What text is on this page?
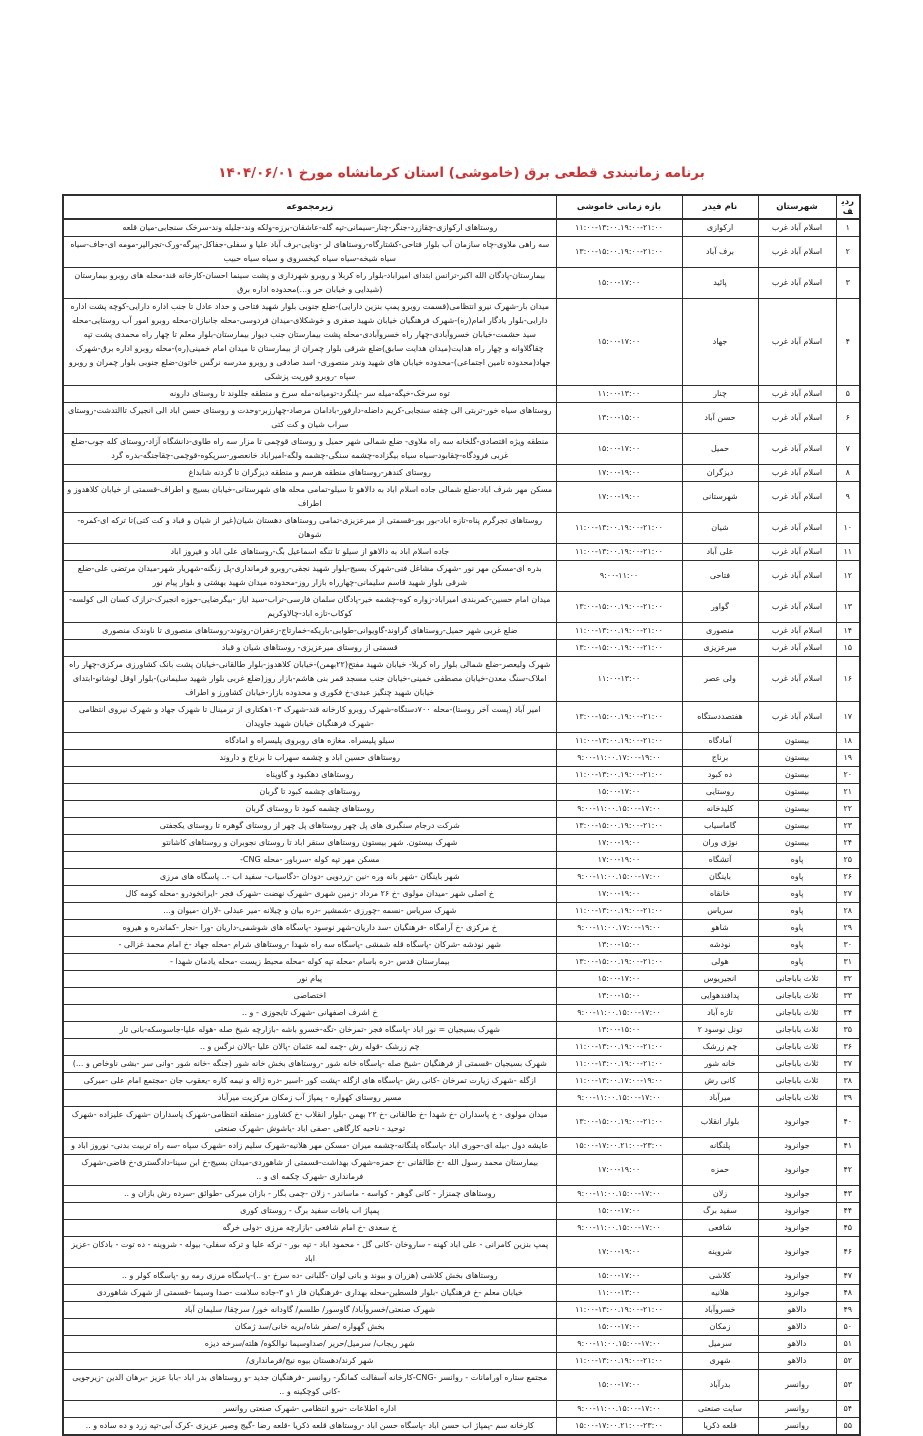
برنامه زمانبندی قطعی برق (خاموشی) استان کرمانشاه مورخ ۱۴۰۴/۰۶/۰۱
ردیف	شهرستان	نام فیدر	بازه زمانی خاموشی	زیرمجموعه
۱	اسلام آباد غرب	ارکوازی	۱۱:۰۰-۱۳:۰۰.۱۹:۰۰-۲۱:۰۰	روستاهای ارکوازی-چقازرد-جنگر-چنار-سیمانی-تپه گله-عاشقان-برزه-ولکه وند-جلیله وند-سرخک سنجابی-میان قلعه
۲	اسلام آباد غرب	برف آباد	۱۳:۰۰-۱۵:۰۰.۱۹:۰۰-۲۱:۰۰	سه راهی ملاوی-چاه سازمان آب بلوار فتاحی-کشتارگاه-روستاهای لر -ونایی-برف آباد علیا و سفلی-جفاکل-پیرگه-ورک-تجرالیر-مومه ای-جاف-سیاه سیاه شیخه-سیاه سیاه کیخسروی و سیاه سیاه حبیب
۳	اسلام آباد غرب	پائید	۱۵:۰۰-۱۷:۰۰	بیمارستان-پادگان الله اکبر-ترانس ابتدای امیراباد-بلوار راه کربلا و روبرو شهرداری و پشت سینما احسان-کارخانه قند-محله های روبرو بیمارستان (شیدایی و خیابان حر و...)محدوده اداره برق
۴	اسلام آباد غرب	جهاد	۱۵:۰۰-۱۷:۰۰	میدان بار-شهرک نیرو انتظامی(قسمت روبرو پمپ بنزین دارایی)-ضلع جنوبی بلوار شهید فتاحی و حداد عادل تا جنب اداره دارایی-کوچه پشت اداره دارایی-بلوار یادگار امام(ره)-شهرک فرهنگیان خیابان شهید صفری و خوشکلای-میدان فردوسی-محله جانبازان-محله روبرو امور آب روستایی-محله سید حشمت-خیابان خسروآبادی-چهار راه خسروآبادی-محله پشت بیمارستان جنب دیوار بیمارستان-بلوار معلم تا چهار راه محمدی پشت تپه چقاگلاوانه و چهار راه هدایت(میدان هدایت سابق)ضلع شرقی بلوار چمران از بیمارستان تا میدان امام خمینی(ره)-محله روبرو اداره برق-شهرک جهاد(محدوده تامین اجتماعی)-محدوده خیابان های شهید وندر منصوری- اسد صادقی و روبرو مدرسه نرگس خاتون-ضلع جنوبی بلوار چمران و روبرو سپاه -روبرو فوریت پزشکی
۵	اسلام آباد غرب	چنار	۱۱:۰۰-۱۳:۰۰	توه سرخک-خپگه-میله سر -پلنگرد-تومیانه-مله سرخ و منطقه جللوند تا روستای دارونه
۶	اسلام آباد غرب	حسن آباد	۱۳:۰۰-۱۵:۰۰	روستاهای سیاه خور-تربتی الی چفته سنجابی-کریم داضله-دارفور-بادامان مرصاد-چهارزبر-وحدت و روستای حسن اباد الی انجیرک تاالتدشت-روستای سراب شیان و کت کتی
۷	اسلام آباد غرب	حمیل	۱۵:۰۰-۱۷:۰۰	منطقه ویژه اقتصادی-گلخانه سه راه ملاوی- ضلع شمالی شهر حمیل و روستای قوچمی تا مزار سه راه طاوی-دانشگاه آزاد-روستای کله جوب-ضلع غربی فرودگاه-چقابود-سیاه سیاه بیگزاده-چشمه سنگی-چشمه ولگه-امیراباد خانعصور-سرپکوه-قوچمی-چقاجنگه-بدره گرد
۸	اسلام آباد غرب	دیزگران	۱۷:۰۰-۱۹:۰۰	روستای کندهر-روستاهای منطقه هرسم و منطقه دیزگران تا گردنه شابداغ
۹	اسلام آباد غرب	شهرستانی	۱۷:۰۰-۱۹:۰۰	مسکن مهر شرف اباد-ضلع شمالی جاده اسلام اباد به دالاهو تا سیلو-تمامی محله های شهرستانی-خیابان بسیج و اطراف-قسمتی از خیابان کلاهدوز و اطراف
۱۰	اسلام آباد غرب	شیان	۱۱:۰۰-۱۳:۰۰.۱۹:۰۰-۲۱:۰۰	روستاهای تجرگرم پناه-تازه اباد-بور بور-قسمتی از میرعزیزی-تمامی روستاهای دهستان شیان(غیر از شیان و قباد و کت کتی)تا ترکه ای-کمره-شوهان
۱۱	اسلام آباد غرب	علی آباد	۱۱:۰۰-۱۳:۰۰.۱۹:۰۰-۲۱:۰۰	جاده اسلام اباد به دالاهو از سیلو تا تنگه اسماعیل بگ-روستاهای علی اباد و فیروز اباد
۱۲	اسلام آباد غرب	فتاحی	۹:۰۰-۱۱:۰۰	بدره ای-مسکن مهر نور -شهرک مشاغل فنی-شهرک بسیج-بلوار شهید نجفی-روبرو فرمانداری-پل زنگنه-شهریار شهر-میدان مرتضی علی-ضلع شرقی بلوار شهید قاسم سلیمانی-چهارراه بازار روز-محدوده میدان شهید بهشتی و بلوار پیام نور
۱۳	اسلام آباد غرب	گواور	۱۳:۰۰-۱۵:۰۰.۱۹:۰۰-۲۱:۰۰	میدان امام حسین-کمربندی امیراباد-زواره کوه-چشمه خیر-پادگان سلمان فارسی-تراب-سید ایاز -بیگرضایی-حوزه انجیرک-ترازک کسان الی کولسه-کوکاب-تازه اباد-چالاوکریم
۱۴	اسلام آباد غرب	منصوری	۱۱:۰۰-۱۳:۰۰.۱۹:۰۰-۲۱:۰۰	ضلع غربی شهر حمیل-روستاهای گراوند-گاویوانی-طوابی-باریکه-خمارتاج-زعفران-روتوند-روستاهای منصوری تا ناوندک منصوری
۱۵	اسلام آباد غرب	میرعزیزی	۱۳:۰۰-۱۵:۰۰.۱۹:۰۰-۲۱:۰۰	قسمتی از روستای میرعزیزی- روستاهای شیان و قباد
۱۶	اسلام آباد غرب	ولی عصر	۱۱:۰۰-۱۳:۰۰	شهرک ولیعصر-ضلع شمالی بلوار راه کربلا- خیابان شهید مفتح(۲۲بهمن)-خیابان کلاهدوز-بلوار طالقانی-خیابان پشت بانک کشاورزی مرکزی-چهار راه املاک-سنگ معدن-خیابان مصطفی خمینی-خیابان جنب مسجد قمر بنی هاشم-بازار روز(ضلع غربی بلوار شهید سلیمانی)-بلوار اوقل لوشانو-ابتدای خیابان شهید چنگیز عبدی-خ فکوری و محدوده بازار-خیابان کشاورز و اطراف
۱۷	اسلام آباد غرب	هفتصددستگاه	۱۳:۰۰-۱۵:۰۰.۱۹:۰۰-۲۱:۰۰	امیر آباد (پست آخر روستا)-محله ۷۰۰دستگاه-شهرک روبرو کارخانه قند-شهرک ۱۰۳هکتاری از ترمینال تا شهرک جهاد و شهرک نیروی انتظامی -شهرک فرهنگیان خیابان شهید جاویدان
۱۸	بیستون	آمادگاه	۱۱:۰۰-۱۳:۰۰.۱۹:۰۰-۲۱:۰۰	سیلو پلیسراه. مغازه های روبروی پلیسراه و امادگاه
۱۹	بیستون	برناج	۹:۰۰-۱۱:۰۰.۱۷:۰۰-۱۹:۰۰	روستاهای حسین اباد و چشمه سهراب تا برناج و داروند
۲۰	بیستون	ده کبود	۱۱:۰۰-۱۳:۰۰.۱۹:۰۰-۲۱:۰۰	روستاهای دهکبود و گاوپناه
۲۱	بیستون	روستایی	۱۵:۰۰-۱۷:۰۰	روستاهای چشمه کبود تا گربان
۲۲	بیستون	کلیدخانه	۹:۰۰-۱۱:۰۰.۱۵:۰۰-۱۷:۰۰	روستاهای چشمه کبود تا روستای گربان
۲۳	بیستون	گاماسیاب	۱۳:۰۰-۱۵:۰۰.۱۹:۰۰-۲۱:۰۰	شرکت درجام سنگبری های پل چهر روستاهای پل چهر از روستای گوهره تا روستای یکجفتی
۲۴	بیستون	نوژی وران	۱۷:۰۰-۱۹:۰۰	شهرک بیستون. شهر بیستون روستاهای سنقر اباد تا روستای نجوبران و روستاهای کاشانتو
۲۵	پاوه	آتشگاه	۱۷:۰۰-۱۹:۰۰	مسکن مهر تپه کوله -سرباور -محله CNG-
۲۶	پاوه	باینگان	۹:۰۰-۱۱:۰۰.۱۵:۰۰-۱۷:۰۰	شهر باینگان -شهر بانه وره -نین -زردویی -دودان -دگاسیاب- سفید اب -.. پاسگاه های مرزی
۲۷	پاوه	خانقاه	۱۷:۰۰-۱۹:۰۰	خ اصلی شهر -میدان مولوی -خ ۲۶ مرداد -زمین شهری -شهرک نهضت -شهرک فجر -ایرانخودرو -محله کومه کال
۲۸	پاوه	سریاس	۱۱:۰۰-۱۳:۰۰.۱۹:۰۰-۲۱:۰۰	شهرک سریاس -نسمه -چورزی -شمشیر -دره بیان و چیلانه -میر عبدلی -لاران -میوان و...
۲۹	پاوه	شاهو	۹:۰۰-۱۱:۰۰.۱۷:۰۰-۱۹:۰۰	خ مرکزی -خ آرامگاه -فرهنگیان -سد داریان-شهر نوسود -پاسگاه های شوشمی-داریان -ورا -نجار -کماندره و هیروه
۳۰	پاوه	نودشه	۱۳:۰۰-۱۵:۰۰	شهر نودشه -شرکان -پاسگاه قله شمشی -پاسگاه سه راه شهدا -روستاهای شرام -محله جهاد -خ امام محمد غزالی -
۳۱	پاوه	هولی	۱۳:۰۰-۱۵:۰۰.۱۹:۰۰-۲۱:۰۰	بیمارستان قدس -دره باسام -محله تپه کوله -محله محیط زیست -محله یادمان شهدا -
۳۲	ثلاث باباجانی	انجیریوس	۱۵:۰۰-۱۷:۰۰	پیام نور
۳۳	ثلاث باباجانی	پدافندهوایی	۱۳:۰۰-۱۵:۰۰	اختصاصی
۳۴	ثلاث باباجانی	تازه آباد	۹:۰۰-۱۱:۰۰.۱۵:۰۰-۱۷:۰۰	خ اشرف اصفهانی -شهرک تایجوزی - و ..
۳۵	ثلاث باباجانی	تونل نوسود ۲	۱۳:۰۰-۱۵:۰۰	شهرک بسیجیان = نور اباد -پاسگاه فجر -تمرخان -تگه-خسرو باشه -بازارچه شیخ صله -هوله علیا-جاسوسکه-بانی تار
۳۶	ثلاث باباجانی	چم زرشک	۱۱:۰۰-۱۳:۰۰.۱۹:۰۰-۲۱:۰۰	چم زرشک -قوله رش -چمه لمه عثمان -پالان علیا -پالان نرگس و ..
۳۷	ثلاث باباجانی	خانه شور	۱۱:۰۰-۱۳:۰۰.۱۹:۰۰-۲۱:۰۰	شهرک بسیجیان -قسمتی از فرهنگیان -شیخ صله -پاسگاه خانه شور -روستاهای بخش خانه شور (جنگه -خانه شور -وانی سر -بشی ناوخاص و ...)
۳۸	ثلاث باباجانی	کانی رش	۱۱:۰۰-۱۳:۰۰.۱۷:۰۰-۱۹:۰۰	ازگله -شهرک زیارت تمرخان -کانی رش -پاسگاه های ازگله -پشت کور -اسیر -دره ژاله و نیمه کاره -یعقوب جان -مجتمع امام علی -میرکی
۳۹	ثلاث باباجانی	میرآباد	۹:۰۰-۱۱:۰۰.۱۵:۰۰-۱۷:۰۰	مسیر روستای کهواره - پمپاژ آب زمکان مرکزیت میرآباد
۴۰	جوانرود	بلوار انقلاب	۱۳:۰۰-۱۵:۰۰.۱۹:۰۰-۲۱:۰۰	میدان مولوی - خ پاسداران -خ شهدا -خ طالقانی -خ ۲۲ بهمن -بلوار انقلاب -خ کشاورز -منطقه انتظامی-شهرک پاسداران -شهرک علیزاده -شهرک توحید - ناحیه کارگاهی -صفی اباد -یاشوش -شهرک صنعتی
۴۱	جوانرود	پلنگانه	۱۵:۰۰-۱۷:۰۰.۲۱:۰۰-۲۳:۰۰	عایشه دول -بیله ای-حوری اباد -پاسگاه پلنگانه-چشمه میران -مسکن مهر هلانیه-شهرک سلیم زاده -شهرک سپاه -سه راه تربیت بدنی- نوروز اباد و
۴۲	جوانرود	حمزه	۱۷:۰۰-۱۹:۰۰	بیمارستان محمد رسول الله -خ طالقانی -خ حمزه-شهرک بهداشت-قسمتی از شاهوردی-میدان بسیج-خ ابن سینا-دادگستری-خ قاضی-شهرک فرمانداری -شهرک چکمه ای و ..
۴۳	جوانرود	زلان	۹:۰۰-۱۱:۰۰.۱۵:۰۰-۱۷:۰۰	روستاهای چمنزار - کانی گوهر - کواسه - ماساندر - زلان -چمی بگار - بازان میرکی -طوائق -سرده رش بازان و ..
۴۴	جوانرود	سفید برگ	۱۵:۰۰-۱۷:۰۰	پمپاژ اب بافات سفید برگ - روستای کوری
۴۵	جوانرود	شافعی	۹:۰۰-۱۱:۰۰.۱۵:۰۰-۱۷:۰۰	خ سعدی -خ امام شافعی -بازارچه مرزی -دولی خرگه
۴۶	جوانرود	شروینه	۱۷:۰۰-۱۹:۰۰	پمپ بنزین کامرانی - علی اباد کهنه - ساروخان -کانی گل - محمود اباد - تپه بور - ترکه علیا و ترکه سفلی- بیوله - شروینه - ده توت - بادکان -عزیز اباد
۴۷	جوانرود	کلاشی	۱۵:۰۰-۱۷:۰۰	روستاهای بخش کلاشی (هزران و بیوند و بانی لوان -گلبانی -ده سرخ -و ..)-پاسگاه مرزی رمه رو -پاسگاه کولر و ..
۴۸	جوانرود	هلانیه	۱۱:۰۰-۱۳:۰۰	خیابان معلم -خ فرهنگیان -بلوار فلسطین-محله بهداری -فرهنگیان فاز ۱و ۳-جاده سلامت -صدا وسیما -قسمتی از شهرک شاهوردی
۴۹	دالاهو	خسروآباد	۱۱:۰۰-۱۳:۰۰.۱۹:۰۰-۲۱:۰۰	شهرک صنعتی/خسروآباد/ گاوسور/ طلسم/ گاودانه خور/ سرچقا/ سلیمان آباد
۵۰	دالاهو	زمکان	۱۵:۰۰-۱۷:۰۰	بخش گهواره /صفر شاه/بریه خانی/سد ژمکان
۵۱	دالاهو	سرمیل	۹:۰۰-۱۱:۰۰.۱۵:۰۰-۱۷:۰۰	شهر ریجاب/ سرمیل/حریر /صداوسیما نوالکوه/ هلته/سرخه دیزه
۵۲	دالاهو	شهری	۱۱:۰۰-۱۳:۰۰.۱۹:۰۰-۲۱:۰۰	شهر کرند/دهستان بیوه نیج/فرمانداری/
۵۳	روانسر	بدرآباد	۱۵:۰۰-۱۷:۰۰	مجتمع ستاره اورامانات - روانسر -CNG-کارخانه آسفالت کمانگر- روانسر -فرهنگیان جدید -و روستاهای بدر اباد -بابا عزیز -برهان الدین -زیرجویی -کانی کوچکینه و ..
۵۴	روانسر	سایت صنعتی	۹:۰۰-۱۱:۰۰.۱۵:۰۰-۱۷:۰۰	اداره اطلاعات -نیرو انتظامی -شهرک صنعتی روانسر
۵۵	روانسر	قلعه ذکریا	۱۵:۰۰-۱۷:۰۰.۲۱:۰۰-۲۳:۰۰	کارخانه سم -پمپاژ اب حسن اباد -پاسگاه حسن اباد -روستاهای قلعه ذکریا -قلعه رضا -گیج وصیر عزیزی -کرک آبی-تپه زرد و ده ساده و ..
